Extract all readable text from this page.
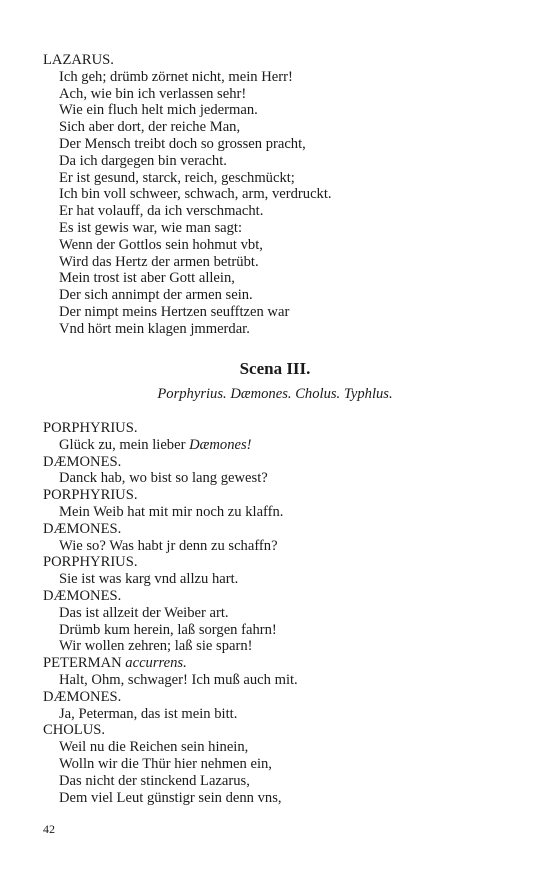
LAZARUS.
Ich geh; drümb zörnet nicht, mein Herr!
Ach, wie bin ich verlassen sehr!
Wie ein fluch helt mich jederman.
Sich aber dort, der reiche Man,
Der Mensch treibt doch so grossen pracht,
Da ich dargegen bin veracht.
Er ist gesund, starck, reich, geschmückt;
Ich bin voll schweer, schwach, arm, verdruckt.
Er hat volauff, da ich verschmacht.
Es ist gewis war, wie man sagt:
Wenn der Gottlos sein hohmut vbt,
Wird das Hertz der armen betrübt.
Mein trost ist aber Gott allein,
Der sich annimpt der armen sein.
Der nimpt meins Hertzen seufftzen war
Vnd hört mein klagen jmmerdar.
Scena III.
Porphyrius. Dæmones. Cholus. Typhlus.
PORPHYRIUS.
Glück zu, mein lieber Dæmones!
DÆMONES.
Danck hab, wo bist so lang gewest?
PORPHYRIUS.
Mein Weib hat mit mir noch zu klaffn.
DÆMONES.
Wie so? Was habt jr denn zu schaffn?
PORPHYRIUS.
Sie ist was karg vnd allzu hart.
DÆMONES.
Das ist allzeit der Weiber art.
Drümb kum herein, laß sorgen fahrn!
Wir wollen zehren; laß sie sparn!
PETERMAN accurrens.
Halt, Ohm, schwager! Ich muß auch mit.
DÆMONES.
Ja, Peterman, das ist mein bitt.
CHOLUS.
Weil nu die Reichen sein hinein,
Wolln wir die Thür hier nehmen ein,
Das nicht der stinckend Lazarus,
Dem viel Leut günstigr sein denn vns,
42
